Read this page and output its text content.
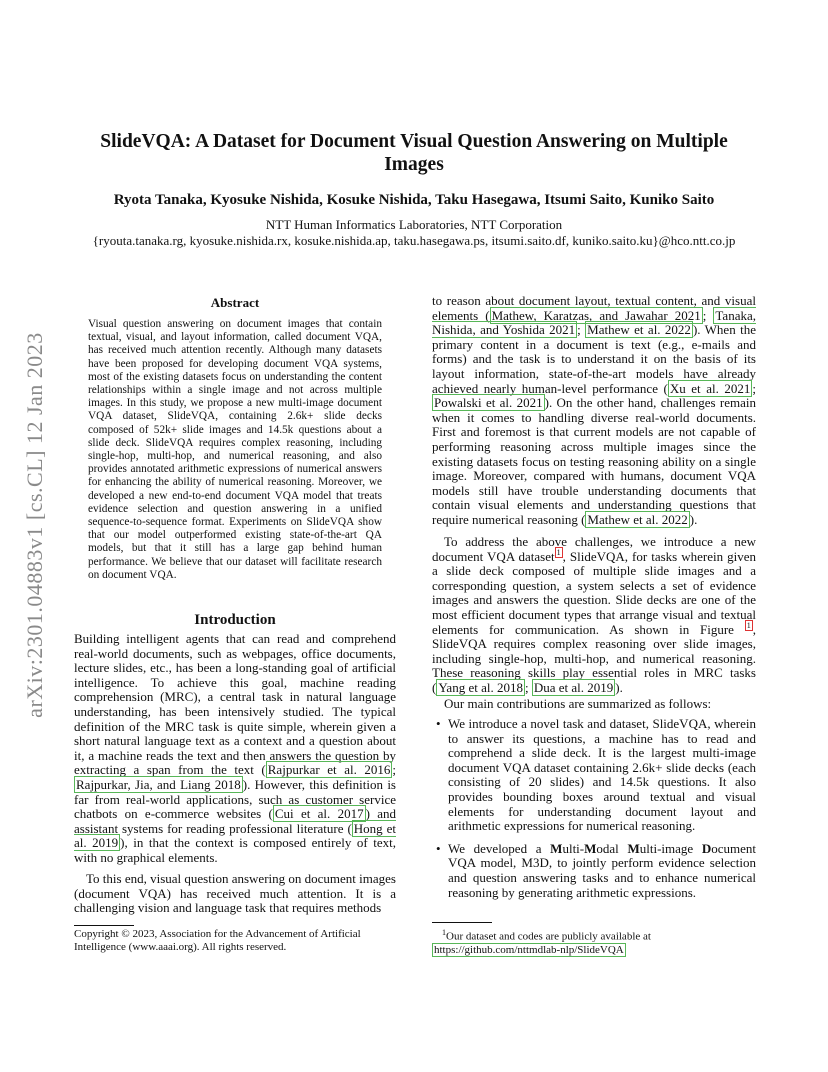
arXiv:2301.04883v1 [cs.CL] 12 Jan 2023
SlideVQA: A Dataset for Document Visual Question Answering on Multiple Images

Ryota Tanaka, Kyosuke Nishida, Kosuke Nishida, Taku Hasegawa, Itsumi Saito, Kuniko Saito

NTT Human Informatics Laboratories, NTT Corporation

{ryouta.tanaka.rg, kyosuke.nishida.rx, kosuke.nishida.ap, taku.hasegawa.ps, itsumi.saito.df, kuniko.saito.ku}@hco.ntt.co.jp

Abstract

Visual question answering on document images that contain textual, visual, and layout information, called document VQA, has received much attention recently. Although many datasets have been proposed for developing document VQA systems, most of the existing datasets focus on understanding the content relationships within a single image and not across multiple images. In this study, we propose a new multi-image document VQA dataset, SlideVQA, containing 2.6k+ slide decks composed of 52k+ slide images and 14.5k questions about a slide deck. SlideVQA requires complex reasoning, including single-hop, multi-hop, and numerical reasoning, and also provides annotated arithmetic expressions of numerical answers for enhancing the ability of numerical reasoning. Moreover, we developed a new end-to-end document VQA model that treats evidence selection and question answering in a unified sequence-to-sequence format. Experiments on SlideVQA show that our model outperformed existing state-of-the-art QA models, but that it still has a large gap behind human performance. We believe that our dataset will facilitate research on document VQA.

Introduction

Building intelligent agents that can read and comprehend real-world documents, such as webpages, office documents, lecture slides, etc., has been a long-standing goal of artificial intelligence. To achieve this goal, machine reading comprehension (MRC), a central task in natural language understanding, has been intensively studied. The typical definition of the MRC task is quite simple, wherein given a short natural language text as a context and a question about it, a machine reads the text and then answers the question by extracting a span from the text ( Rajpurkar et al. 2016 ; Rajpurkar, Jia, and Liang 2018 ). However, this definition is far from real-world applications, such as customer service chatbots on e-commerce websites ( Cui et al. 2017 ) and assistant systems for reading professional literature ( Hong et al. 2019 ), in that the context is composed entirely of text, with no graphical elements.

To this end, visual question answering on document images (document VQA) has received much attention. It is a challenging vision and language task that requires methods

Copyright © 2023, Association for the Advancement of Artificial Intelligence (www.aaai.org). All rights reserved.

to reason about document layout, textual content, and visual elements ( Mathew, Karatzas, and Jawahar 2021 ; Tanaka, Nishida, and Yoshida 2021 ; Mathew et al. 2022 ). When the primary content in a document is text (e.g., e-mails and forms) and the task is to understand it on the basis of its layout information, state-of-the-art models have already achieved nearly human-level performance ( Xu et al. 2021 ; Powalski et al. 2021 ). On the other hand, challenges remain when it comes to handling diverse real-world documents. First and foremost is that current models are not capable of performing reasoning across multiple images since the existing datasets focus on testing reasoning ability on a single image. Moreover, compared with humans, document VQA models still have trouble understanding documents that contain visual elements and understanding questions that require numerical reasoning ( Mathew et al. 2022 ).

To address the above challenges, we introduce a new document VQA dataset $^1$ , SlideVQA, for tasks wherein given a slide deck composed of multiple slide images and a corresponding question, a system selects a set of evidence images and answers the question. Slide decks are one of the most efficient document types that arrange visual and textual elements for communication. As shown in Figure $^1$ , SlideVQA requires complex reasoning over slide images, including single-hop, multi-hop, and numerical reasoning. These reasoning skills play essential roles in MRC tasks ( Yang et al. 2018 ; Dua et al. 2019 ).

Our main contributions are summarized as follows:

• We introduce a novel task and dataset, SlideVQA, wherein to answer its questions, a machine has to read and comprehend a slide deck. It is the largest multi-image document VQA dataset containing 2.6k+ slide decks (each consisting of 20 slides) and 14.5k questions. It also provides bounding boxes around textual and visual elements for understanding document layout and arithmetic expressions for numerical reasoning.
• We developed a Multi-Modal Multi-image Document VQA model, M3D, to jointly perform evidence selection and question answering tasks and to enhance numerical reasoning by generating arithmetic expressions.

$^1$Our dataset and codes are publicly available at https://github.com/nttmdlab-nlp/SlideVQA
